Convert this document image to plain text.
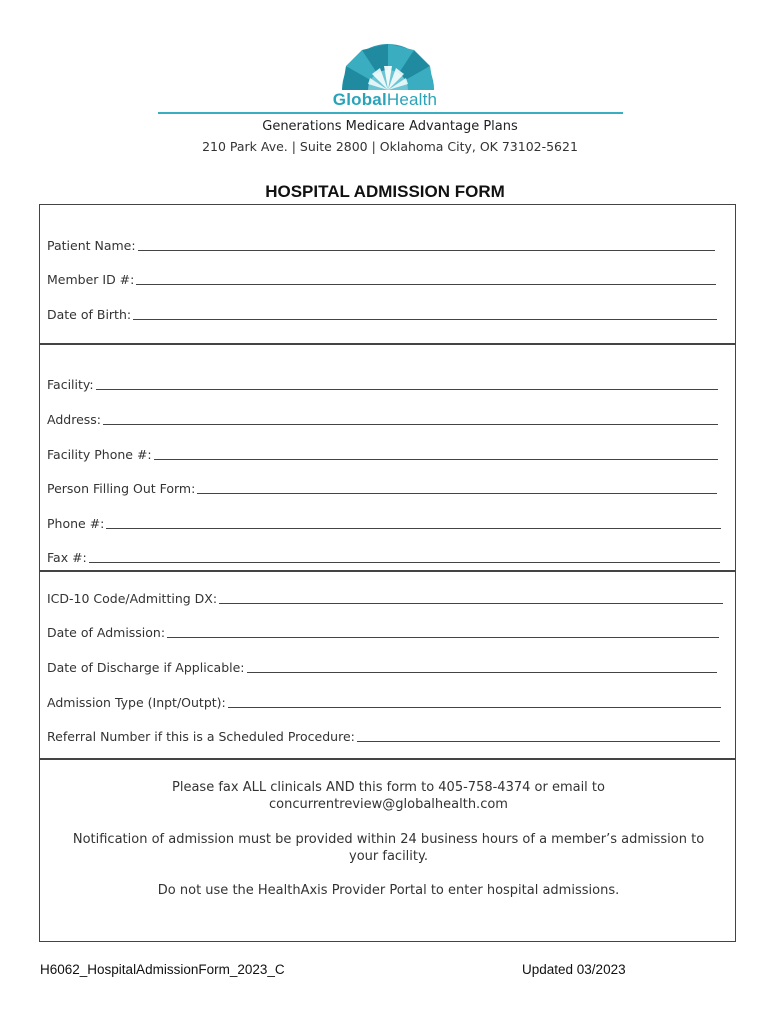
GlobalHealth
Generations Medicare Advantage Plans
210 Park Ave. | Suite 2800 | Oklahoma City, OK 73102-5621
HOSPITAL ADMISSION FORM
Patient Name:
Member ID #:
Date of Birth:
Facility:
Address:
Facility Phone #:
Person Filling Out Form:
Phone #:
Fax #:
ICD-10 Code/Admitting DX:
Date of Admission:
Date of Discharge if Applicable:
Admission Type (Inpt/Outpt):
Referral Number if this is a Scheduled Procedure:
Please fax ALL clinicals AND this form to 405-758-4374 or email to
concurrentreview@globalhealth.com
Notification of admission must be provided within 24 business hours of a member’s admission to
your facility.
Do not use the HealthAxis Provider Portal to enter hospital admissions.
H6062_HospitalAdmissionForm_2023_C	Updated 03/2023
